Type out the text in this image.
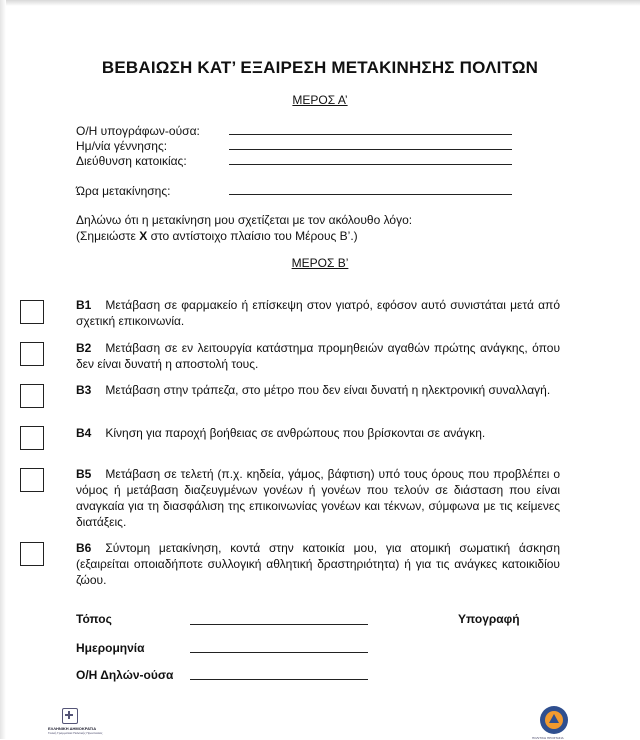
ΒΕΒΑΙΩΣΗ ΚΑΤ’ ΕΞΑΙΡΕΣΗ ΜΕΤΑΚΙΝΗΣΗΣ ΠΟΛΙΤΩΝ
ΜΕΡΟΣ Α’
Ο/Η υπογράφων-ούσα:
Ημ/νία γέννησης:
Διεύθυνση κατοικίας:
Ώρα μετακίνησης:
Δηλώνω ότι η μετακίνηση μου σχετίζεται με τον ακόλουθο λόγο:
(Σημειώστε Χ στο αντίστοιχο πλαίσιο του Μέρους Β’.)
ΜΕΡΟΣ Β’
Β1 Μετάβαση σε φαρμακείο ή επίσκεψη στον γιατρό, εφόσον αυτό συνιστάται μετά από σχετική επικοινωνία.
Β2 Μετάβαση σε εν λειτουργία κατάστημα προμηθειών αγαθών πρώτης ανάγκης, όπου δεν είναι δυνατή η αποστολή τους.
Β3 Μετάβαση στην τράπεζα, στο μέτρο που δεν είναι δυνατή η ηλεκτρονική συναλλαγή.
Β4 Κίνηση για παροχή βοήθειας σε ανθρώπους που βρίσκονται σε ανάγκη.
Β5 Μετάβαση σε τελετή (π.χ. κηδεία, γάμος, βάφτιση) υπό τους όρους που προβλέπει ο νόμος ή μετάβαση διαζευγμένων γονέων ή γονέων που τελούν σε διάσταση που είναι αναγκαία για τη διασφάλιση της επικοινωνίας γονέων και τέκνων, σύμφωνα με τις κείμενες διατάξεις.
Β6 Σύντομη μετακίνηση, κοντά στην κατοικία μου, για ατομική σωματική άσκηση (εξαιρείται οποιαδήποτε συλλογική αθλητική δραστηριότητα) ή για τις ανάγκες κατοικιδίου ζώου.
Τόπος
Ημερομηνία
Ο/Η Δηλών-ούσα
Υπογραφή
ΕΛΛΗΝΙΚΗ ΔΗΜΟΚΡΑΤΙΑ
Γενική Γραμματεία Πολιτικής Προστασίας
ΠΟΛΙΤΙΚΗ ΠΡΟΣΤΑΣΙΑ
